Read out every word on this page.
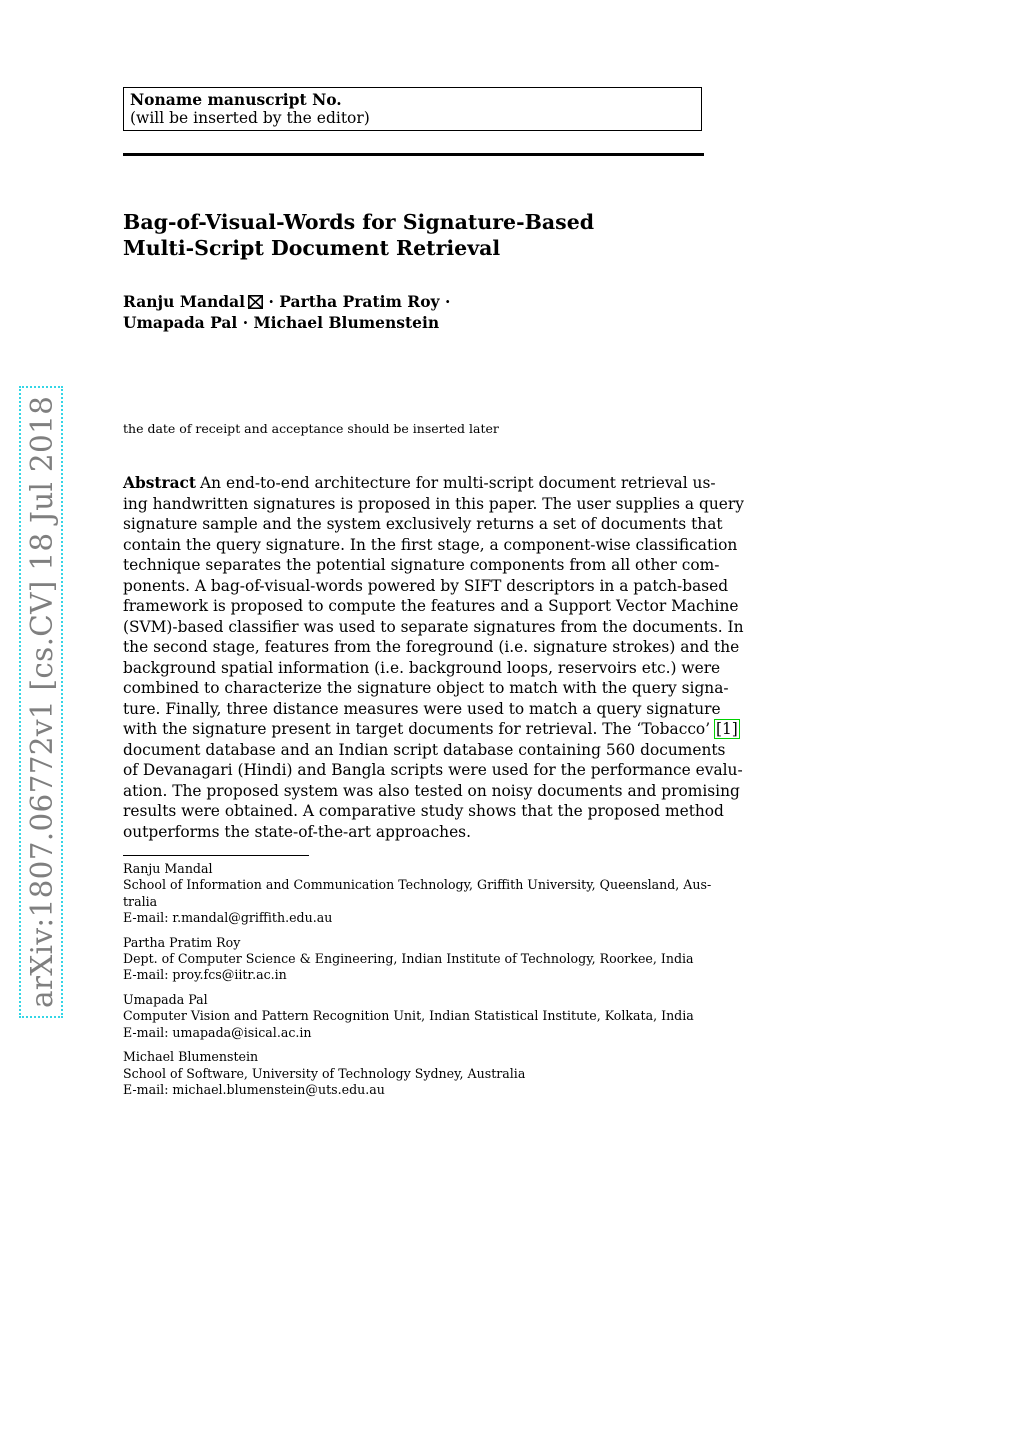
Noname manuscript No.
(will be inserted by the editor)
Bag-of-Visual-Words for Signature-Based
Multi-Script Document Retrieval
Ranju Mandal · Partha Pratim Roy ·
Umapada Pal · Michael Blumenstein
the date of receipt and acceptance should be inserted later
Abstract An end-to-end architecture for multi-script document retrieval us-
ing handwritten signatures is proposed in this paper. The user supplies a query
signature sample and the system exclusively returns a set of documents that
contain the query signature. In the first stage, a component-wise classification
technique separates the potential signature components from all other com-
ponents. A bag-of-visual-words powered by SIFT descriptors in a patch-based
framework is proposed to compute the features and a Support Vector Machine
(SVM)-based classifier was used to separate signatures from the documents. In
the second stage, features from the foreground (i.e. signature strokes) and the
background spatial information (i.e. background loops, reservoirs etc.) were
combined to characterize the signature object to match with the query signa-
ture. Finally, three distance measures were used to match a query signature
with the signature present in target documents for retrieval. The ‘Tobacco’ [1]
document database and an Indian script database containing 560 documents
of Devanagari (Hindi) and Bangla scripts were used for the performance evalu-
ation. The proposed system was also tested on noisy documents and promising
results were obtained. A comparative study shows that the proposed method
outperforms the state-of-the-art approaches.
Ranju Mandal
School of Information and Communication Technology, Griffith University, Queensland, Aus-
tralia
E-mail: r.mandal@griffith.edu.au
Partha Pratim Roy
Dept. of Computer Science & Engineering, Indian Institute of Technology, Roorkee, India
E-mail: proy.fcs@iitr.ac.in
Umapada Pal
Computer Vision and Pattern Recognition Unit, Indian Statistical Institute, Kolkata, India
E-mail: umapada@isical.ac.in
Michael Blumenstein
School of Software, University of Technology Sydney, Australia
E-mail: michael.blumenstein@uts.edu.au
arXiv:1807.06772v1 [cs.CV] 18 Jul 2018
